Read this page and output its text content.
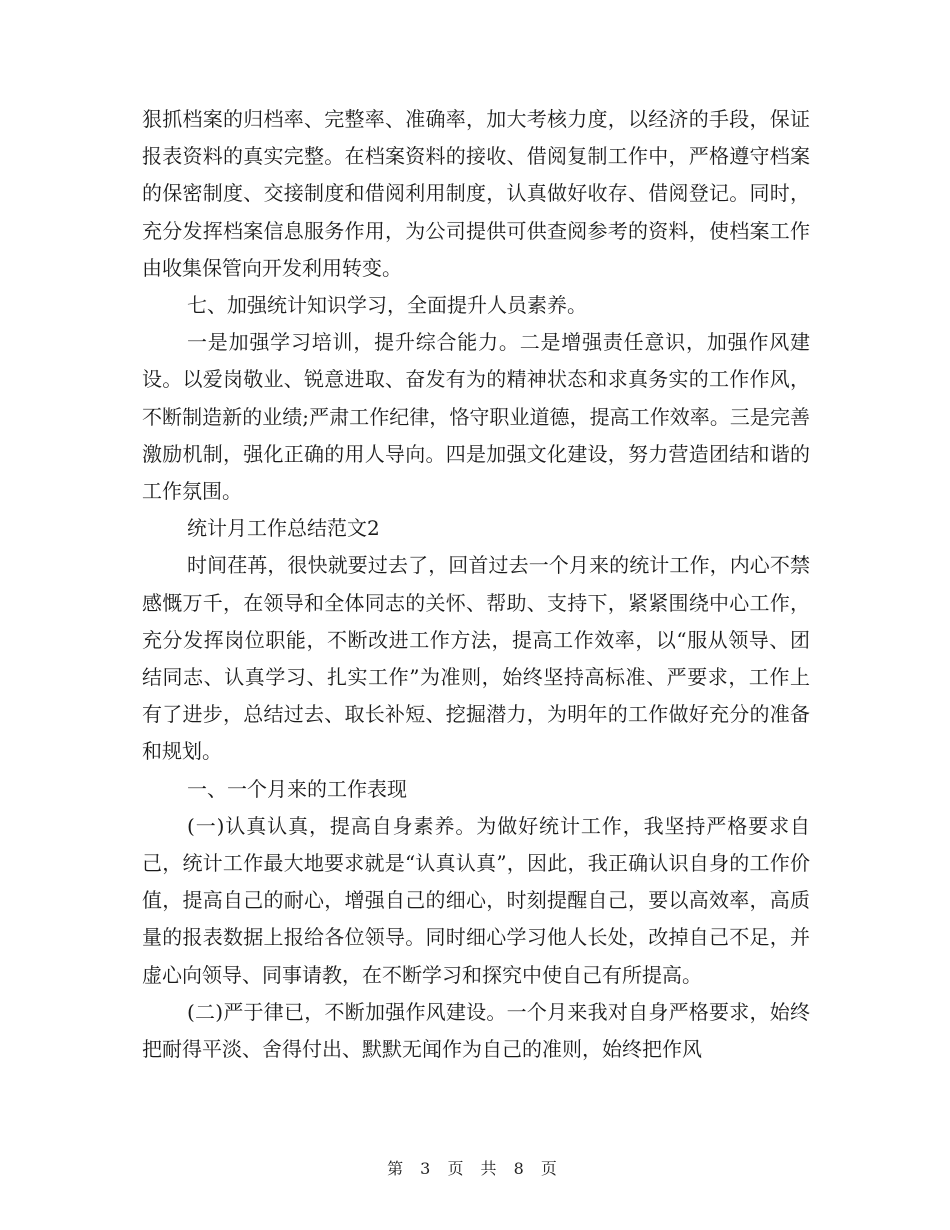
狠抓档案的归档率、完整率、准确率，加大考核力度，以经济的手段，保证报表资料的真实完整。在档案资料的接收、借阅复制工作中，严格遵守档案的保密制度、交接制度和借阅利用制度，认真做好收存、借阅登记。同时，充分发挥档案信息服务作用，为公司提供可供查阅参考的资料，使档案工作由收集保管向开发利用转变。

七、加强统计知识学习，全面提升人员素养。

一是加强学习培训，提升综合能力。二是增强责任意识，加强作风建设。以爱岗敬业、锐意进取、奋发有为的精神状态和求真务实的工作作风，不断制造新的业绩;严肃工作纪律，恪守职业道德，提高工作效率。三是完善激励机制，强化正确的用人导向。四是加强文化建设，努力营造团结和谐的工作氛围。

统计月工作总结范文2

时间荏苒，很快就要过去了，回首过去一个月来的统计工作，内心不禁感慨万千，在领导和全体同志的关怀、帮助、支持下，紧紧围绕中心工作，充分发挥岗位职能，不断改进工作方法，提高工作效率，以“服从领导、团结同志、认真学习、扎实工作”为准则，始终坚持高标准、严要求，工作上有了进步，总结过去、取长补短、挖掘潜力，为明年的工作做好充分的准备和规划。

一、一个月来的工作表现

(一)认真认真，提高自身素养。为做好统计工作，我坚持严格要求自己，统计工作最大地要求就是“认真认真”，因此，我正确认识自身的工作价值，提高自己的耐心，增强自己的细心，时刻提醒自己，要以高效率，高质量的报表数据上报给各位领导。同时细心学习他人长处，改掉自己不足，并虚心向领导、同事请教，在不断学习和探究中使自己有所提高。

(二)严于律已，不断加强作风建设。一个月来我对自身严格要求，始终把耐得平淡、舍得付出、默默无闻作为自己的准则，始终把作风

第 3 页 共 8 页
